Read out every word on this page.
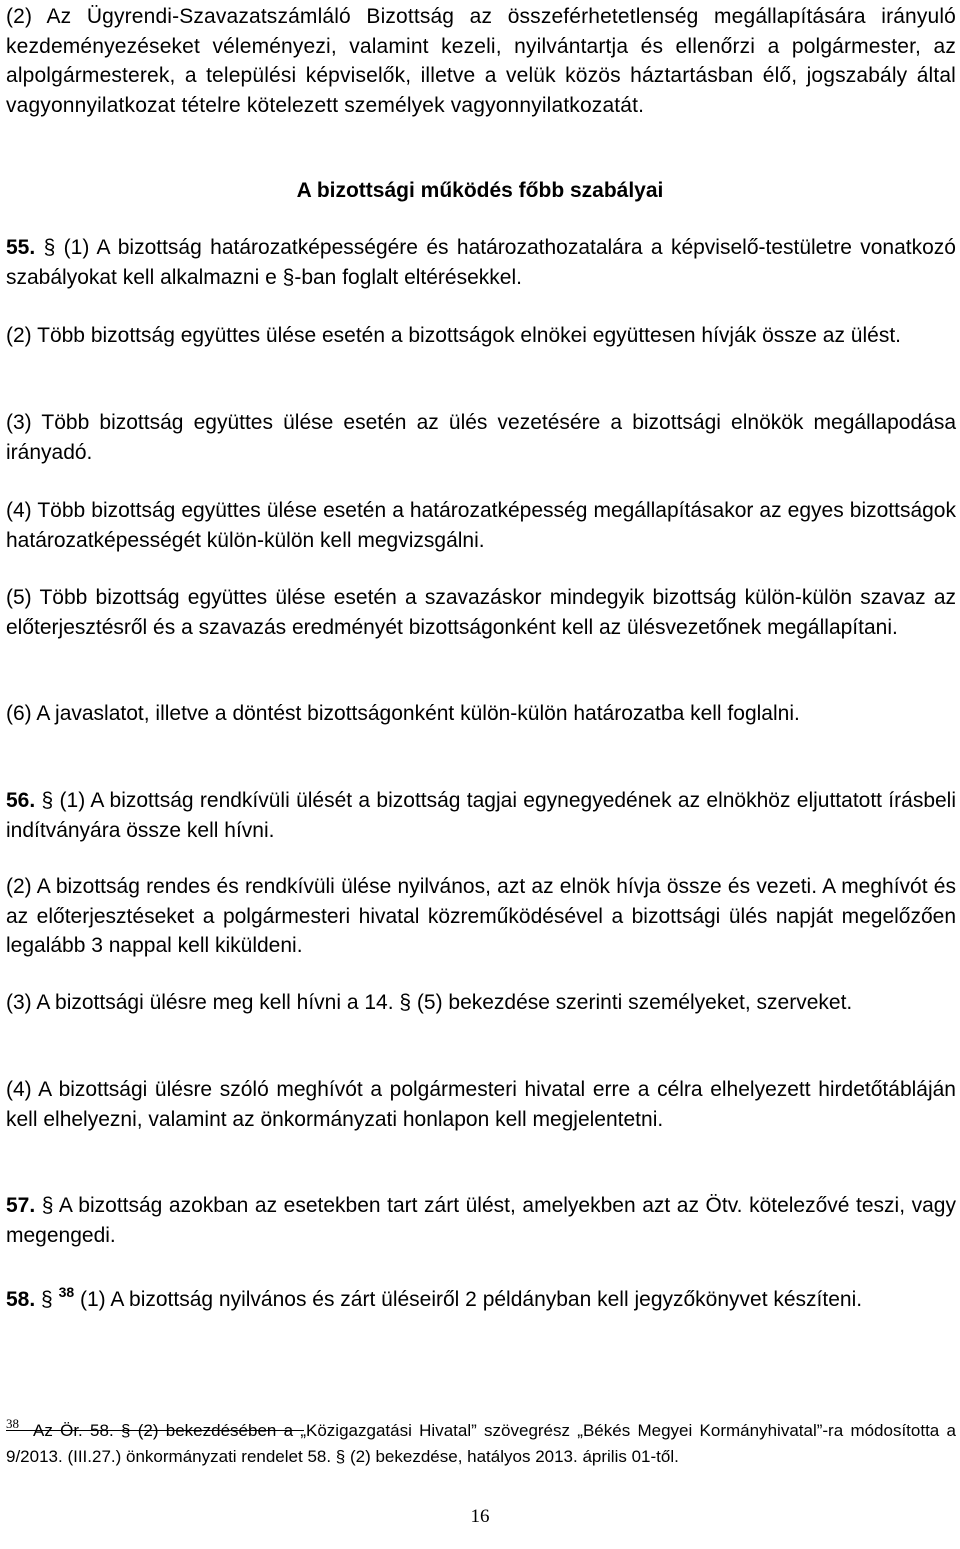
(2) Az Ügyrendi-Szavazatszámláló Bizottság az összeférhetetlenség megállapítására irányuló kezdeményezéseket véleményezi, valamint kezeli, nyilvántartja és ellenőrzi a polgármester, az alpolgármesterek, a települési képviselők, illetve a velük közös háztartásban élő, jogszabály által vagyonnyilatkozat tételre kötelezett személyek vagyonnyilatkozatát.

A bizottsági működés főbb szabályai

55. § (1) A bizottság határozatképességére és határozathozatalára a képviselő-testületre vonatkozó szabályokat kell alkalmazni e §-ban foglalt eltérésekkel.

(2) Több bizottság együttes ülése esetén a bizottságok elnökei együttesen hívják össze az ülést.

(3) Több bizottság együttes ülése esetén az ülés vezetésére a bizottsági elnökök megállapodása irányadó.

(4) Több bizottság együttes ülése esetén a határozatképesség megállapításakor az egyes bizottságok határozatképességét külön-külön kell megvizsgálni.

(5) Több bizottság együttes ülése esetén a szavazáskor mindegyik bizottság külön-külön szavaz az előterjesztésről és a szavazás eredményét bizottságonként kell az ülésvezetőnek megállapítani.

(6) A javaslatot, illetve a döntést bizottságonként külön-külön határozatba kell foglalni.

56. § (1) A bizottság rendkívüli ülését a bizottság tagjai egynegyedének az elnökhöz eljuttatott írásbeli indítványára össze kell hívni.

(2) A bizottság rendes és rendkívüli ülése nyilvános, azt az elnök hívja össze és vezeti. A meghívót és az előterjesztéseket a polgármesteri hivatal közreműködésével a bizottsági ülés napját megelőzően legalább 3 nappal kell kiküldeni.

(3) A bizottsági ülésre meg kell hívni a 14. § (5) bekezdése szerinti személyeket, szerveket.

(4) A bizottsági ülésre szóló meghívót a polgármesteri hivatal erre a célra elhelyezett hirdetőtábláján kell elhelyezni, valamint az önkormányzati honlapon kell megjelentetni.

57. § A bizottság azokban az esetekben tart zárt ülést, amelyekben azt az Ötv. kötelezővé teszi, vagy megengedi.

58. § $^{38}$ (1) A bizottság nyilvános és zárt üléseiről 2 példányban kell jegyzőkönyvet készíteni.

$^{38}$ Az Ör. 58. § (2) bekezdésében a „Közigazgatási Hivatal” szövegrész „Békés Megyei Kormányhivatal”-ra módosította a 9/2013. (III.27.) önkormányzati rendelet 58. § (2) bekezdése, hatályos 2013. április 01-től.

16
